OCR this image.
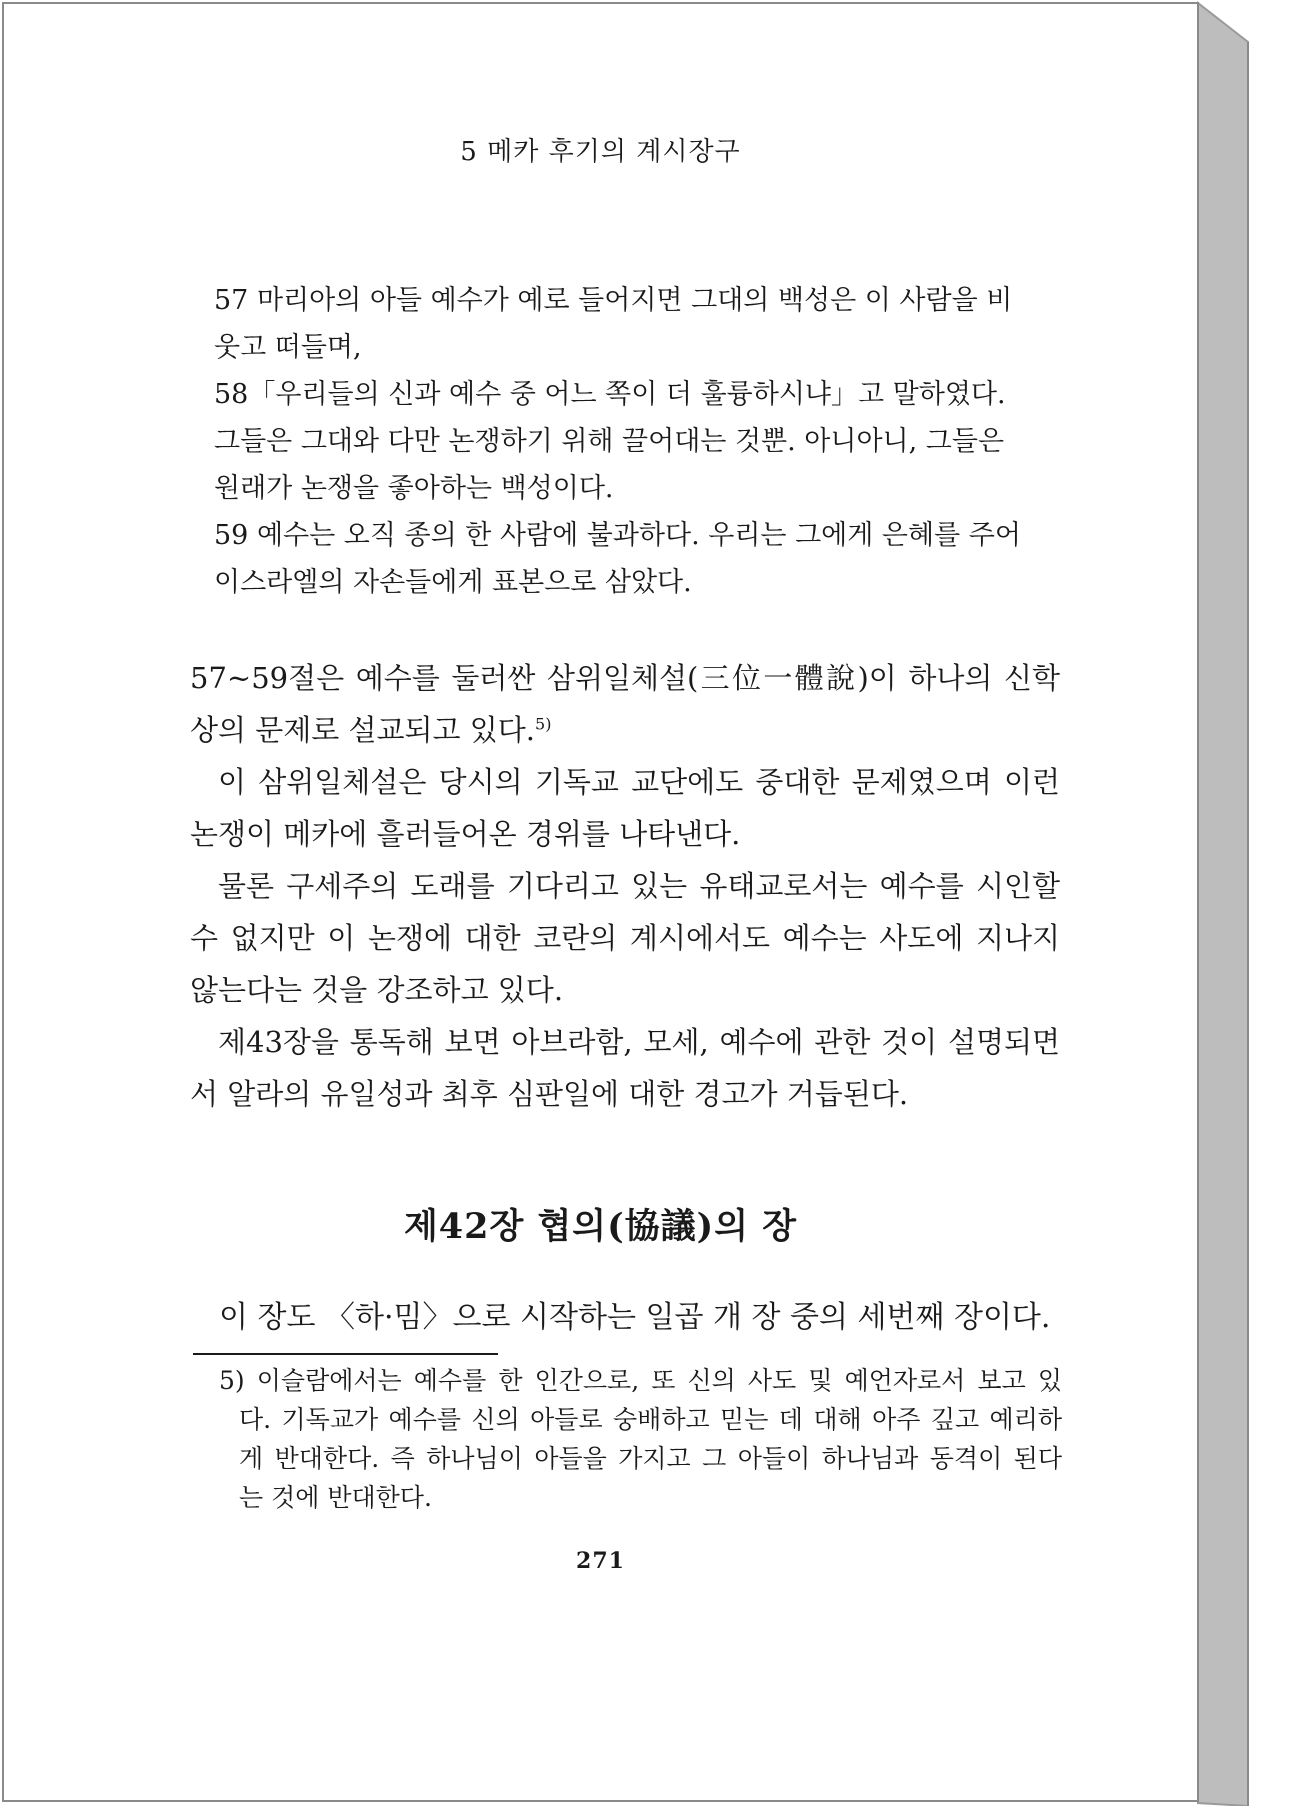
5 메카 후기의 계시장구
57 마리아의 아들 예수가 예로 들어지면 그대의 백성은 이 사람을 비
웃고 떠들며,
58「우리들의 신과 예수 중 어느 쪽이 더 훌륭하시냐」고 말하였다.
그들은 그대와 다만 논쟁하기 위해 끌어대는 것뿐. 아니아니, 그들은
원래가 논쟁을 좋아하는 백성이다.
59 예수는 오직 종의 한 사람에 불과하다. 우리는 그에게 은혜를 주어
이스라엘의 자손들에게 표본으로 삼았다.
57~59절은 예수를 둘러싼 삼위일체설(三位一體說)이 하나의 신학
상의 문제로 설교되고 있다.$^{5)}$
이 삼위일체설은 당시의 기독교 교단에도 중대한 문제였으며 이런
논쟁이 메카에 흘러들어온 경위를 나타낸다.
물론 구세주의 도래를 기다리고 있는 유태교로서는 예수를 시인할
수 없지만 이 논쟁에 대한 코란의 계시에서도 예수는 사도에 지나지
않는다는 것을 강조하고 있다.
제43장을 통독해 보면 아브라함, 모세, 예수에 관한 것이 설명되면
서 알라의 유일성과 최후 심판일에 대한 경고가 거듭된다.
제42장 협의(協議)의 장
이 장도 〈하·밈〉으로 시작하는 일곱 개 장 중의 세번째 장이다.
5) 이슬람에서는 예수를 한 인간으로, 또 신의 사도 및 예언자로서 보고 있
다. 기독교가 예수를 신의 아들로 숭배하고 믿는 데 대해 아주 깊고 예리하
게 반대한다. 즉 하나님이 아들을 가지고 그 아들이 하나님과 동격이 된다
는 것에 반대한다.
271
